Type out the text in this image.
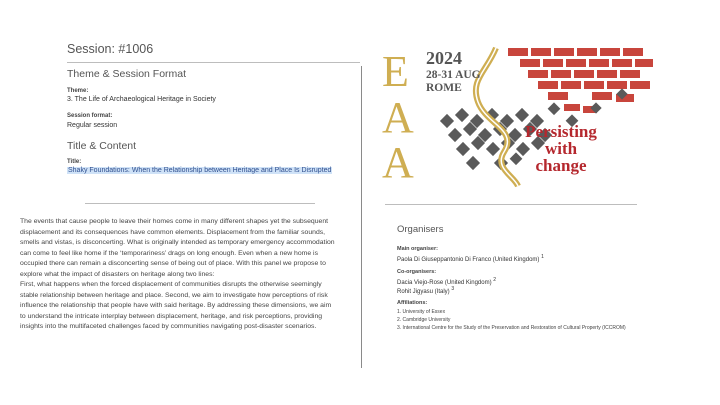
Session: #1006
Theme & Session Format
Theme:
3. The Life of Archaeological Heritage in Society
Session format:
Regular session
Title & Content
Title:
Shaky Foundations: When the Relationship between Heritage and Place Is Disrupted

The events that cause people to leave their homes come in many different shapes yet the subsequent

displacement and its consequences have common elements. Displacement from the familiar sounds,

smells and vistas, is disconcerting. What is originally intended as temporary emergency accommodation

can come to feel like home if the ‘temporariness’ drags on long enough. Even when a new home is

occupied there can remain a disconcerting sense of being out of place. With this panel we propose to

explore what the impact of disasters on heritage along two lines:

First, what happens when the forced displacement of communities disrupts the otherwise seemingly

stable relationship between heritage and place. Second, we aim to investigate how perceptions of risk

influence the relationship that people have with said heritage. By addressing these dimensions, we aim

to understand the intricate interplay between displacement, heritage, and risk perceptions, providing

insights into the multifaceted challenges faced by communities navigating post-disaster scenarios.

E
A
A
2024
28-31 AUG
ROME
Persisting
with
change
Organisers
Main organiser:
Paola Di Giuseppantonio Di Franco (United Kingdom) $^1$
Co-organisers:
Dacia Viejo-Rose (United Kingdom) $^2$
Rohit Jigyasu (Italy) $^3$
Affiliations:
1. University of Essex
2. Cambridge University
3. International Centre for the Study of the Preservation and Restoration of Cultural Property (ICCROM)
